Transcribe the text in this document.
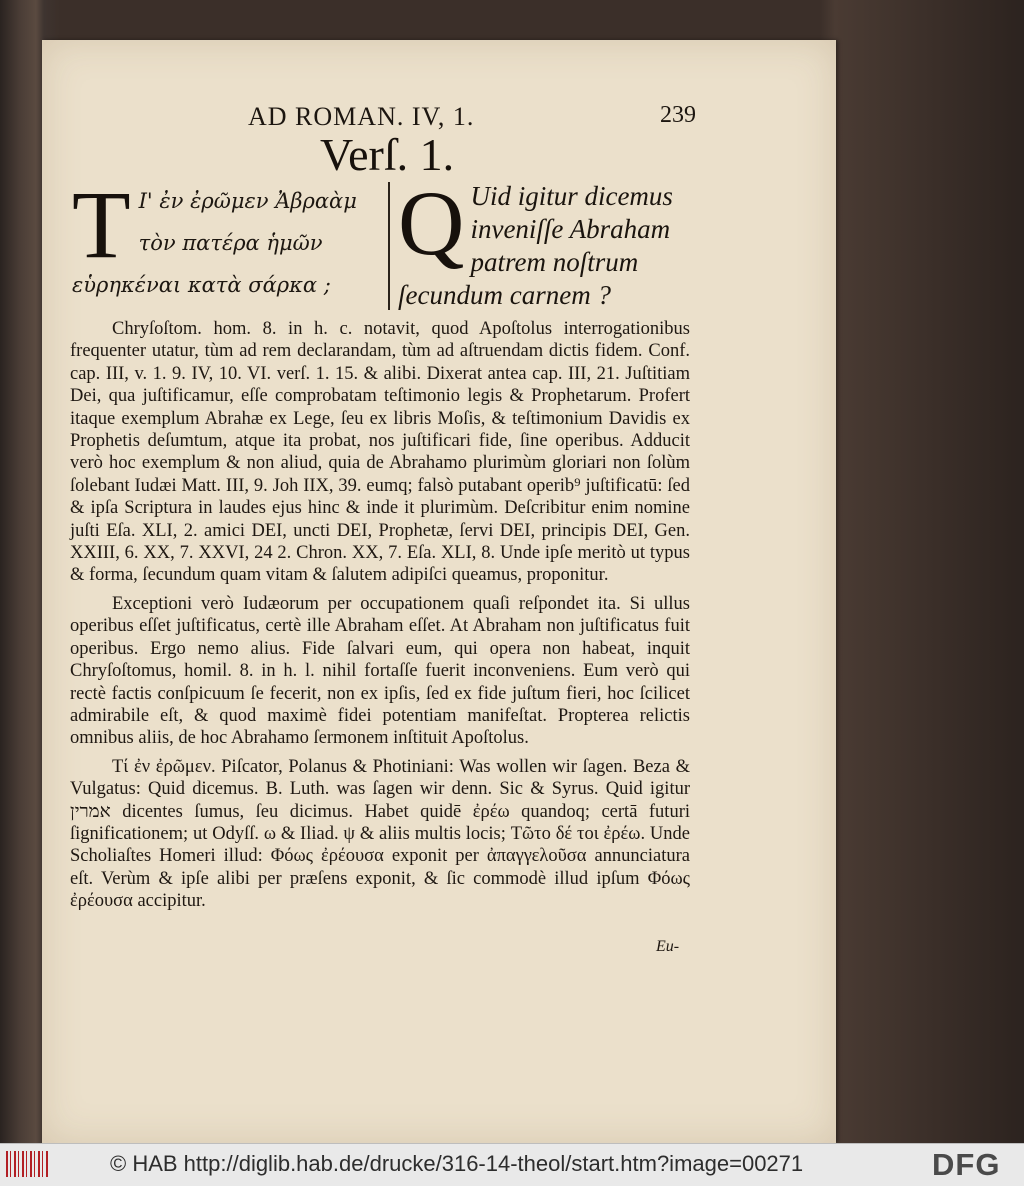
AD ROMAN. IV, 1.	239
Verſ. 1.
T Ι' ἐν ἐρῶμεν Ἀβραὰμ τὸν πατέρα ἡμῶν εὑρηκέναι κατὰ σάρκα ;
Q Uid igitur dicemus inveniſſe Abraham patrem noſtrum ſecundum carnem ?

Chryſoſtom. hom. 8. in h. c. notavit, quod Apoſtolus interrogationibus frequenter utatur, tùm ad rem declarandam, tùm ad aſtruendam dictis fidem. Conf. cap. III, v. 1. 9. IV, 10. VI. verſ. 1. 15. & alibi. Dixerat antea cap. III, 21. Juſtitiam Dei, qua juſtificamur, eſſe comprobatam teſtimonio legis & Prophetarum. Profert itaque exemplum Abrahæ ex Lege, ſeu ex libris Moſis, & teſtimonium Davidis ex Prophetis deſumtum, atque ita probat, nos juſtificari fide, ſine operibus. Adducit verò hoc exemplum & non aliud, quia de Abrahamo plurimùm gloriari non ſolùm ſolebant Iudæi Matt. III, 9. Joh IIX, 39. eumq; falsò putabant operib⁹ juſtificatū: ſed & ipſa Scriptura in laudes ejus hinc & inde it plurimùm. Deſcribitur enim nomine juſti Eſa. XLI, 2. amici DEI, uncti DEI, Prophetæ, ſervi DEI, principis DEI, Gen. XXIII, 6. XX, 7. XXVI, 24 2. Chron. XX, 7. Eſa. XLI, 8. Unde ipſe meritò ut typus & forma, ſecundum quam vitam & ſalutem adipiſci queamus, proponitur.

Exceptioni verò Iudæorum per occupationem quaſi reſpondet ita. Si ullus operibus eſſet juſtificatus, certè ille Abraham eſſet. At Abraham non juſtificatus fuit operibus. Ergo nemo alius. Fide ſalvari eum, qui opera non habeat, inquit Chryſoſtomus, homil. 8. in h. l. nihil fortaſſe fuerit inconveniens. Eum verò qui rectè factis conſpicuum ſe fecerit, non ex ipſis, ſed ex fide juſtum fieri, hoc ſcilicet admirabile eſt, & quod maximè fidei potentiam manifeſtat. Propterea relictis omnibus aliis, de hoc Abrahamo ſermonem inſtituit Apoſtolus.

Τί ἐν ἐρῶμεν. Piſcator, Polanus & Photiniani: Was wollen wir ſagen. Beza & Vulgatus: Quid dicemus. B. Luth. was ſagen wir denn. Sic & Syrus. Quid igitur אמרין dicentes ſumus, ſeu dicimus. Habet quidē ἐρέω quandoq; certā futuri ſignificationem; ut Odyſſ. ω & Iliad. ψ & aliis multis locis; Τῶτο δέ τοι ἐρέω. Unde Scholiaſtes Homeri illud: Φόως ἐρέουσα exponit per ἀπαγγελοῦσα annunciatura eſt. Verùm & ipſe alibi per præſens exponit, & ſic commodè illud ipſum Φόως ἐρέουσα accipitur.

Eu-
© HAB http://diglib.hab.de/drucke/316-14-theol/start.htm?image=00271	DFG
